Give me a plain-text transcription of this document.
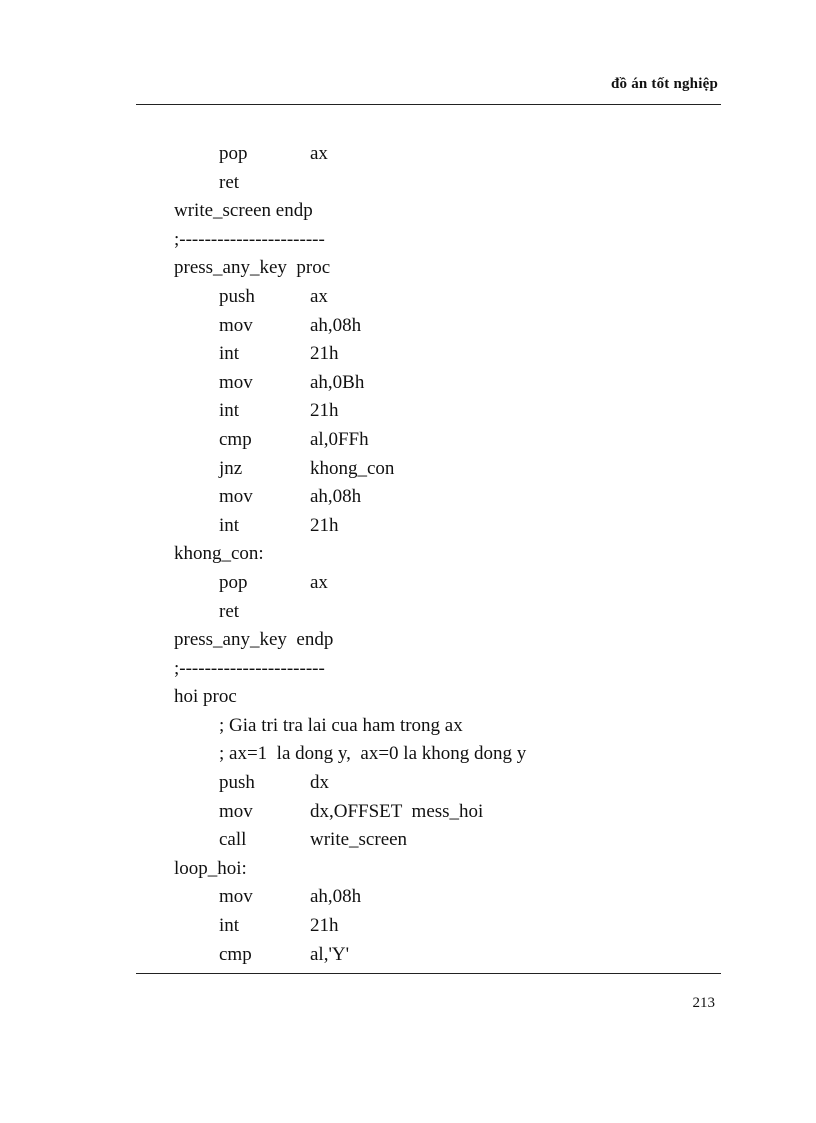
đồ án tốt nghiệp
pop	ax
ret
write_screen endp
;-----------------------
press_any_key  proc
push	ax
mov	ah,08h
int	21h
mov	ah,0Bh
int	21h
cmp	al,0FFh
jnz	khong_con
mov	ah,08h
int	21h
khong_con:
pop	ax
ret
press_any_key  endp
;-----------------------
hoi proc
; Gia tri tra lai cua ham trong ax
; ax=1  la dong y,  ax=0 la khong dong y
push	dx
mov	dx,OFFSET  mess_hoi
call	write_screen
loop_hoi:
mov	ah,08h
int	21h
cmp	al,'Y'
213
